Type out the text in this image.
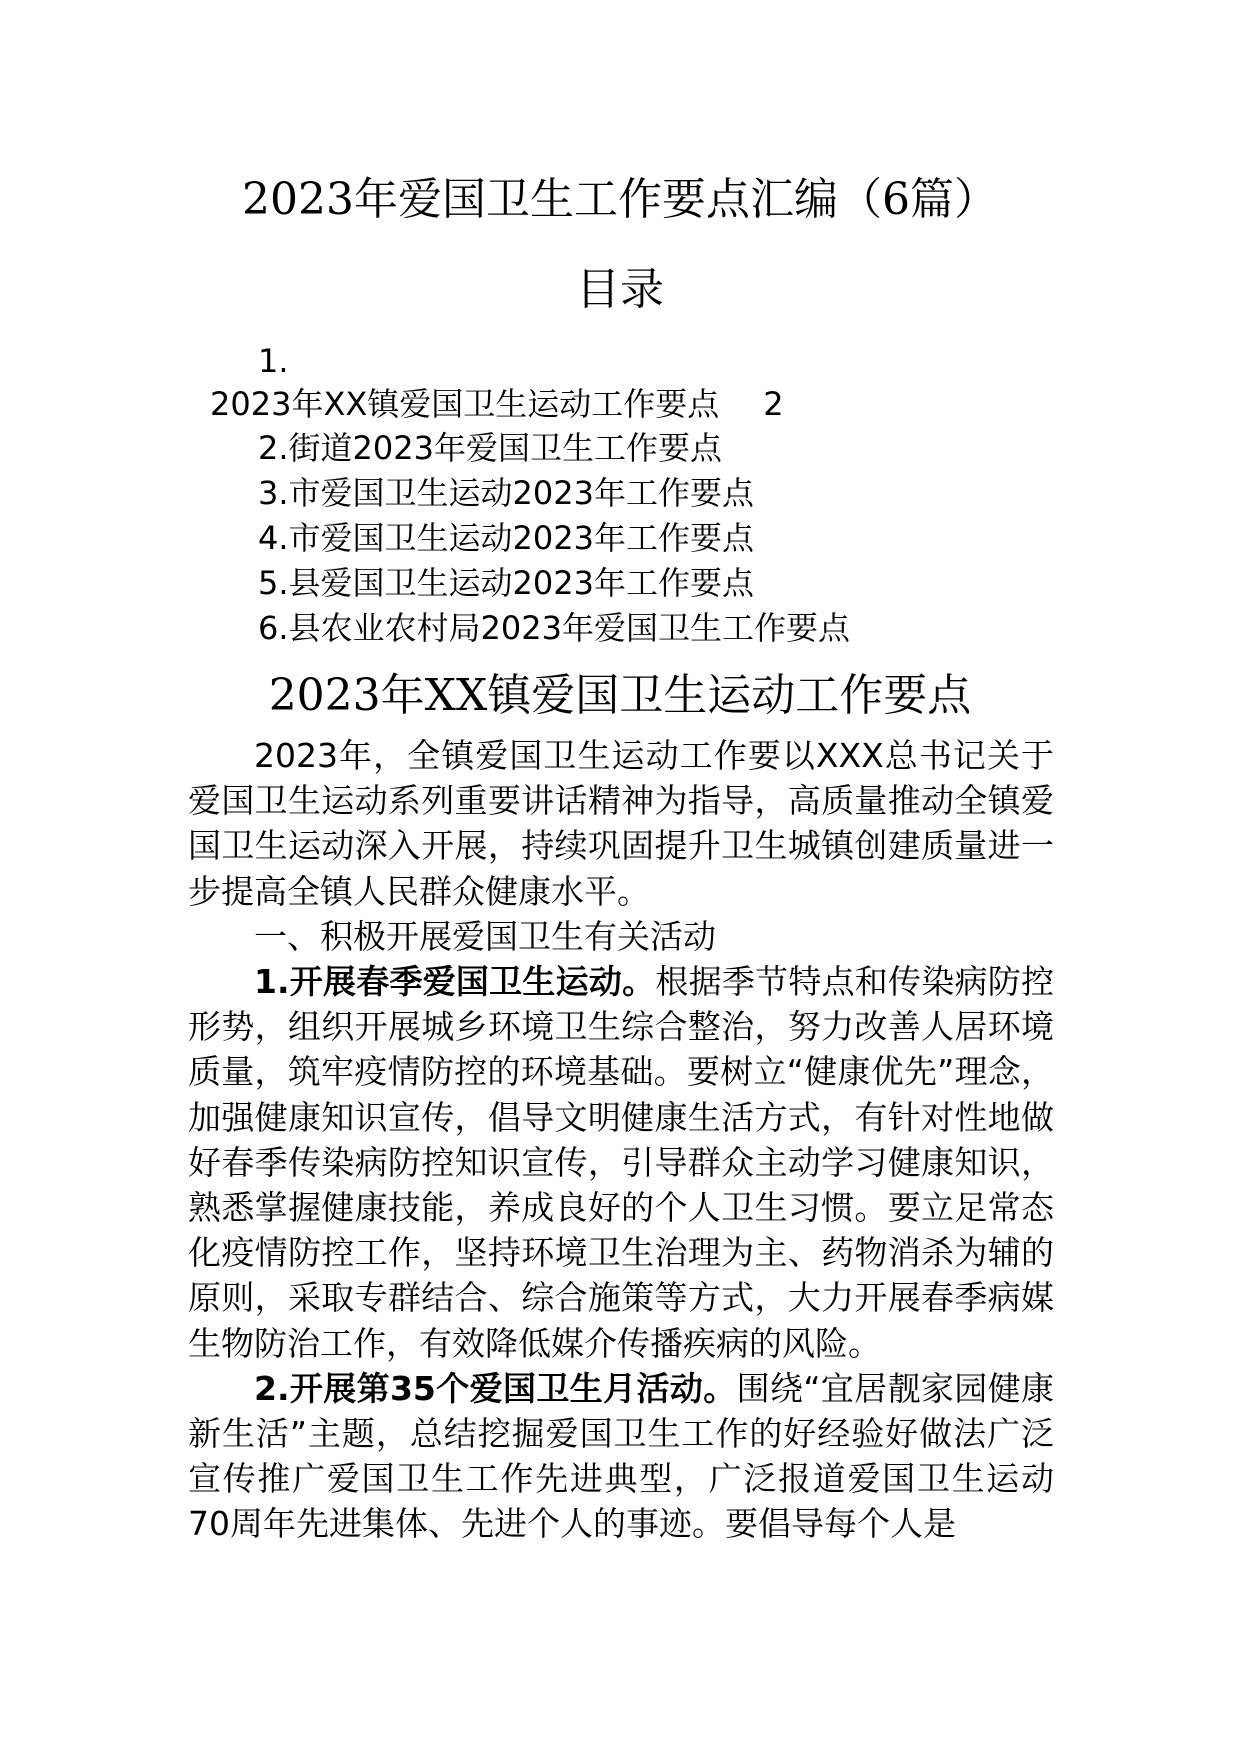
2023年爱国卫生工作要点汇编（6篇）
目录
1.
2023年XX镇爱国卫生运动工作要点 2
2.街道2023年爱国卫生工作要点
3.市爱国卫生运动2023年工作要点
4.市爱国卫生运动2023年工作要点
5.县爱国卫生运动2023年工作要点
6.县农业农村局2023年爱国卫生工作要点
2023年XX镇爱国卫生运动工作要点

2023年，全镇爱国卫生运动工作要以XXX总书记关于爱国卫生运动系列重要讲话精神为指导，高质量推动全镇爱国卫生运动深入开展，持续巩固提升卫生城镇创建质量进一步提高全镇人民群众健康水平。

一、积极开展爱国卫生有关活动

1.开展春季爱国卫生运动。根据季节特点和传染病防控形势，组织开展城乡环境卫生综合整治，努力改善人居环境质量，筑牢疫情防控的环境基础。要树立“健康优先”理念，加强健康知识宣传，倡导文明健康生活方式，有针对性地做好春季传染病防控知识宣传，引导群众主动学习健康知识，熟悉掌握健康技能，养成良好的个人卫生习惯。要立足常态化疫情防控工作，坚持环境卫生治理为主、药物消杀为辅的原则，采取专群结合、综合施策等方式，大力开展春季病媒生物防治工作，有效降低媒介传播疾病的风险。

2.开展第35个爱国卫生月活动。围绕“宜居靓家园健康新生活”主题，总结挖掘爱国卫生工作的好经验好做法广泛宣传推广爱国卫生工作先进典型，广泛报道爱国卫生运动70周年先进集体、先进个人的事迹。要倡导每个人是
